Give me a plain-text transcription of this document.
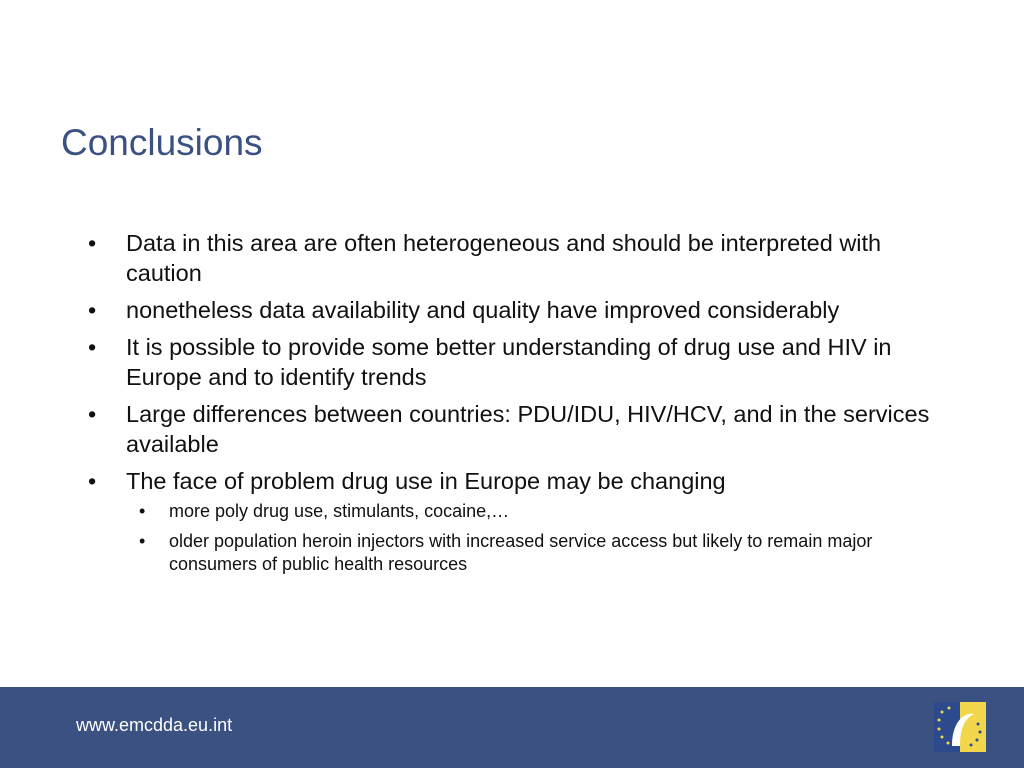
Conclusions
• Data in this area are often heterogeneous and should be interpreted with caution
• nonetheless data availability and quality have improved considerably
• It is possible to provide some better understanding of drug use and HIV in Europe and to identify trends
• Large differences between countries: PDU/IDU, HIV/HCV, and in the services available
• The face of problem drug use in Europe may be changing
• more poly drug use, stimulants, cocaine,…
• older population heroin injectors with increased service access but likely to remain major consumers of public health resources
www.emcdda.eu.int
